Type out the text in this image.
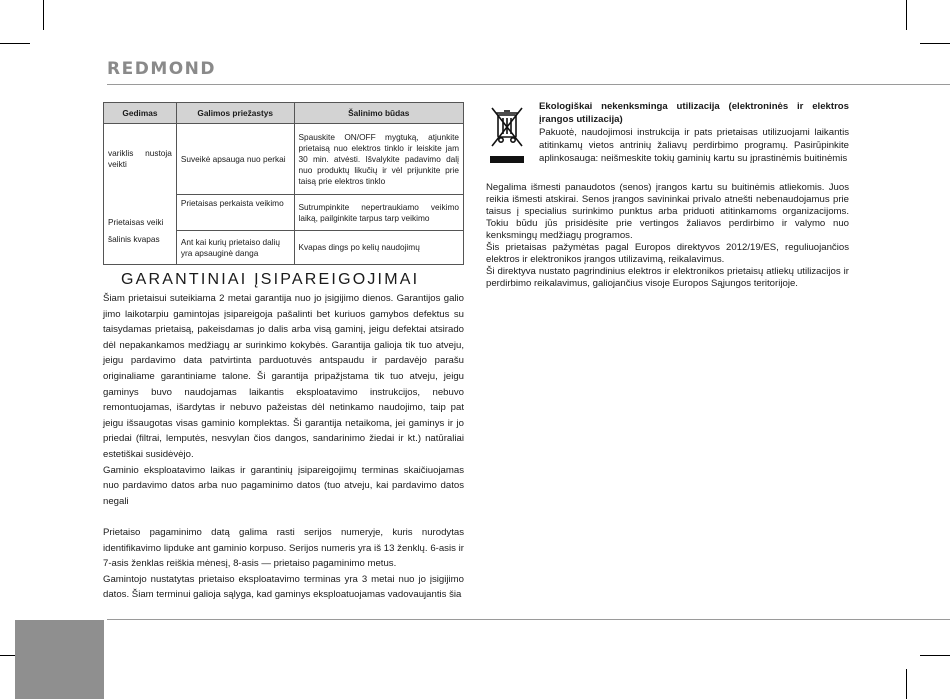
REDMOND
Gedimas	Galimos priežastys	Šalinimo būdas
variklis nustoja veikti	Suveikė apsauga nuo perkai	Spauskite ON/OFF mygtuką, atjunkite prietaisą nuo elektros tinklo ir leiskite jam 30 min. atvėsti. Išvalykite padavimo dalį nuo produktų likučių ir vėl prijunkite prie taisą prie elektros tinklo
Prietaisas veiki	Prietaisas perkaista veikimo	Sutrumpinkite nepertraukiamo veikimo laiką, pailginkite tarpus tarp veikimo
šalinis kvapas	Ant kai kurių prietaiso dalių yra apsauginė danga	Kvapas dings po kelių naudojimų
GARANTINIAI ĮSIPAREIGOJIMAI

Šiam prietaisui suteikiama 2 metai garantija nuo jo įsigijimo dienos. Garantijos galio jimo laikotarpiu gamintojas įsipareigoja pašalinti bet kuriuos gamybos defektus su taisydamas prietaisą, pakeisdamas jo dalis arba visą gaminį, jeigu defektai atsirado dėl nepakankamos medžiagų ar surinkimo kokybės. Garantija galioja tik tuo atveju, jeigu pardavimo data patvirtinta parduotuvės antspaudu ir pardavėjo parašu originaliame garantiniame talone. Ši garantija pripažįstama tik tuo atveju, jeigu gaminys buvo naudojamas laikantis eksploatavimo instrukcijos, nebuvo remontuojamas, išardytas ir nebuvo pažeistas dėl netinkamo naudojimo, taip pat jeigu išsaugotas visas gaminio komplektas. Ši garantija netaikoma, jei gaminys ir jo priedai (filtrai, lemputės, nesvylan čios dangos, sandarinimo žiedai ir kt.) natūraliai estetiškai susidėvėjo.

Gaminio eksploatavimo laikas ir garantinių įsipareigojimų terminas skaičiuojamas nuo pardavimo datos arba nuo pagaminimo datos (tuo atveju, kai pardavimo datos negali

Prietaiso pagaminimo datą galima rasti serijos numeryje, kuris nurodytas identifikavimo lipduke ant gaminio korpuso. Serijos numeris yra iš 13 ženklų. 6-asis ir 7-asis ženklas reiškia mėnesį, 8-asis — prietaiso pagaminimo metus.

Gamintojo nustatytas prietaiso eksploatavimo terminas yra 3 metai nuo jo įsigijimo datos. Šiam terminui galioja sąlyga, kad gaminys eksploatuojamas vadovaujantis šia

Ekologiškai nekenksminga utilizacija (elektroninės ir elektros įrangos utilizacija)
Pakuotė, naudojimosi instrukcija ir pats prietaisas utilizuojami laikantis atitinkamų vietos antrinių žaliavų perdirbimo programų. Pasirūpinkite aplinkosauga: neišmeskite tokių gaminių kartu su įprastinėmis buitinėmis

Negalima išmesti panaudotos (senos) įrangos kartu su buitinėmis atliekomis. Juos reikia išmesti atskirai. Senos įrangos savininkai privalo atnešti nebenaudojamus prie taisus į specialius surinkimo punktus arba priduoti atitinkamoms organizacijoms. Tokiu būdu jūs prisidėsite prie vertingos žaliavos perdirbimo ir valymo nuo kenksmingų medžiagų programos.

Šis prietaisas pažymėtas pagal Europos direktyvos 2012/19/ES, reguliuojančios elektros ir elektronikos įrangos utilizavimą, reikalavimus.

Ši direktyva nustato pagrindinius elektros ir elektronikos prietaisų atliekų utilizacijos ir perdirbimo reikalavimus, galiojančius visoje Europos Sąjungos teritorijoje.
